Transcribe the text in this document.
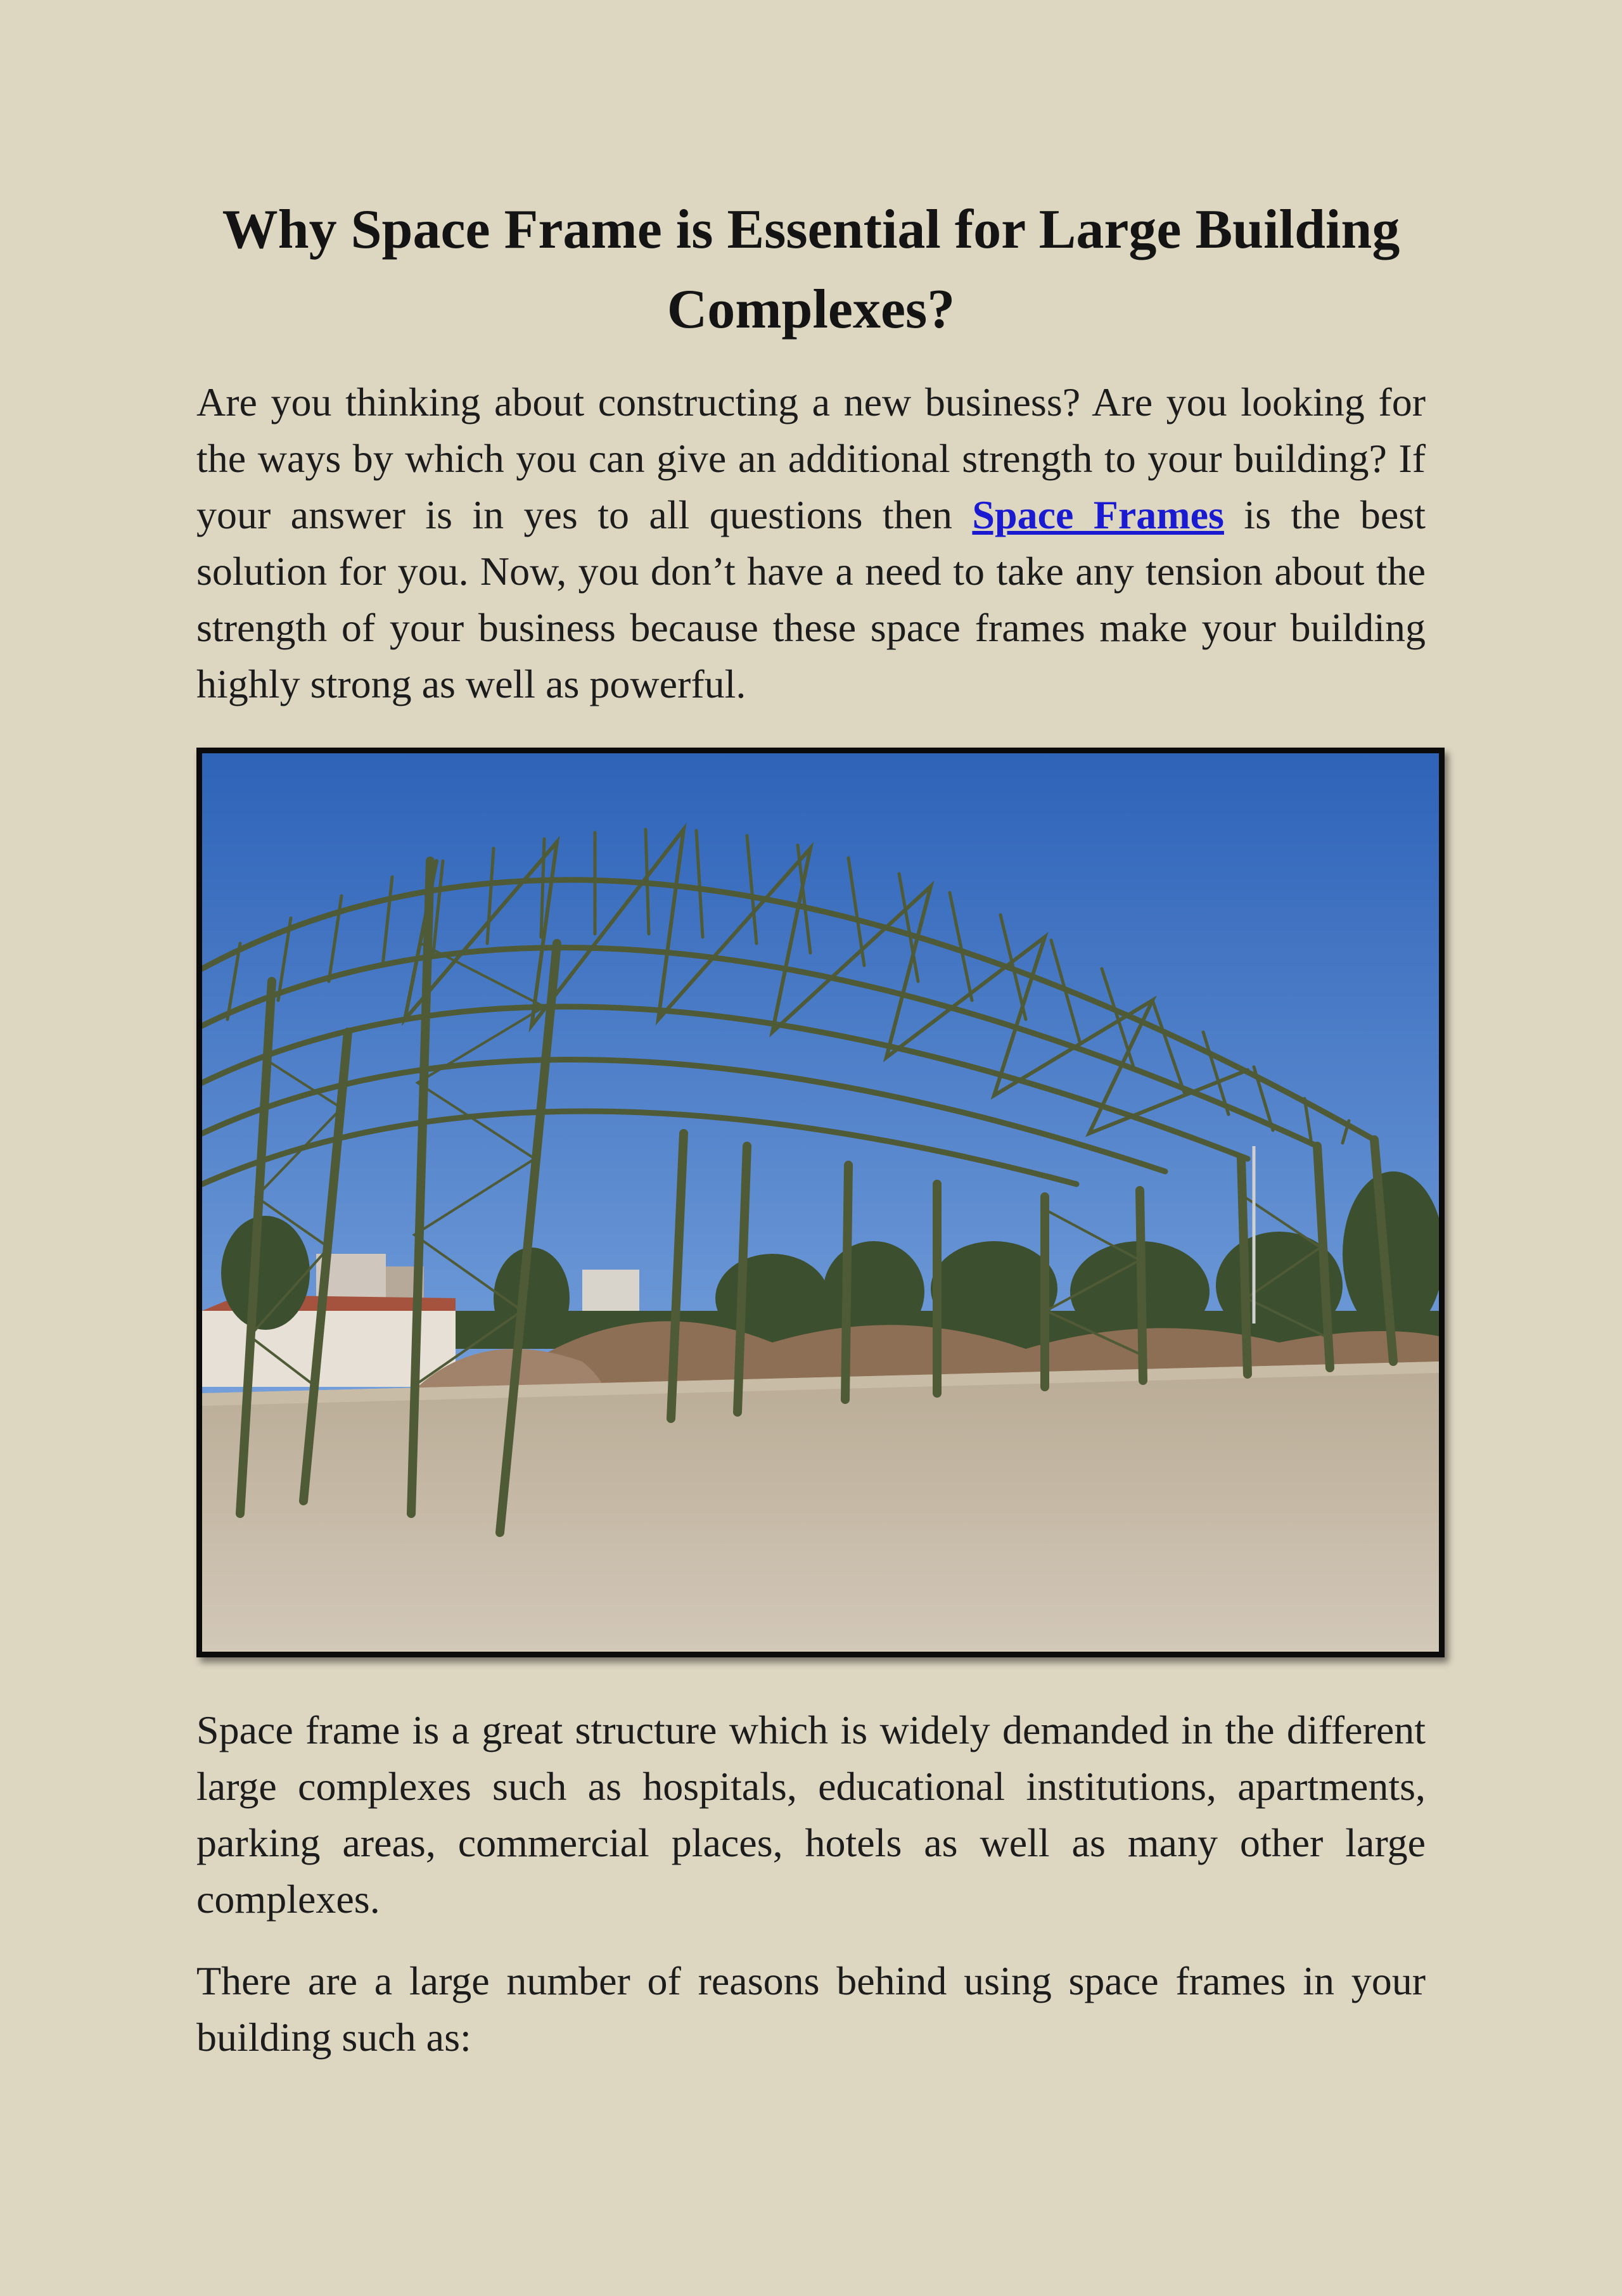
Why Space Frame is Essential for Large Building Complexes?

Are you thinking about constructing a new business? Are you looking for the ways by which you can give an additional strength to your building? If your answer is in yes to all questions then Space Frames is the best solution for you. Now, you don’t have a need to take any tension about the strength of your business because these space frames make your building highly strong as well as powerful.

Space frame is a great structure which is widely demanded in the different large complexes such as hospitals, educational institutions, apartments, parking areas, commercial places, hotels as well as many other large complexes.

There are a large number of reasons behind using space frames in your building such as:
